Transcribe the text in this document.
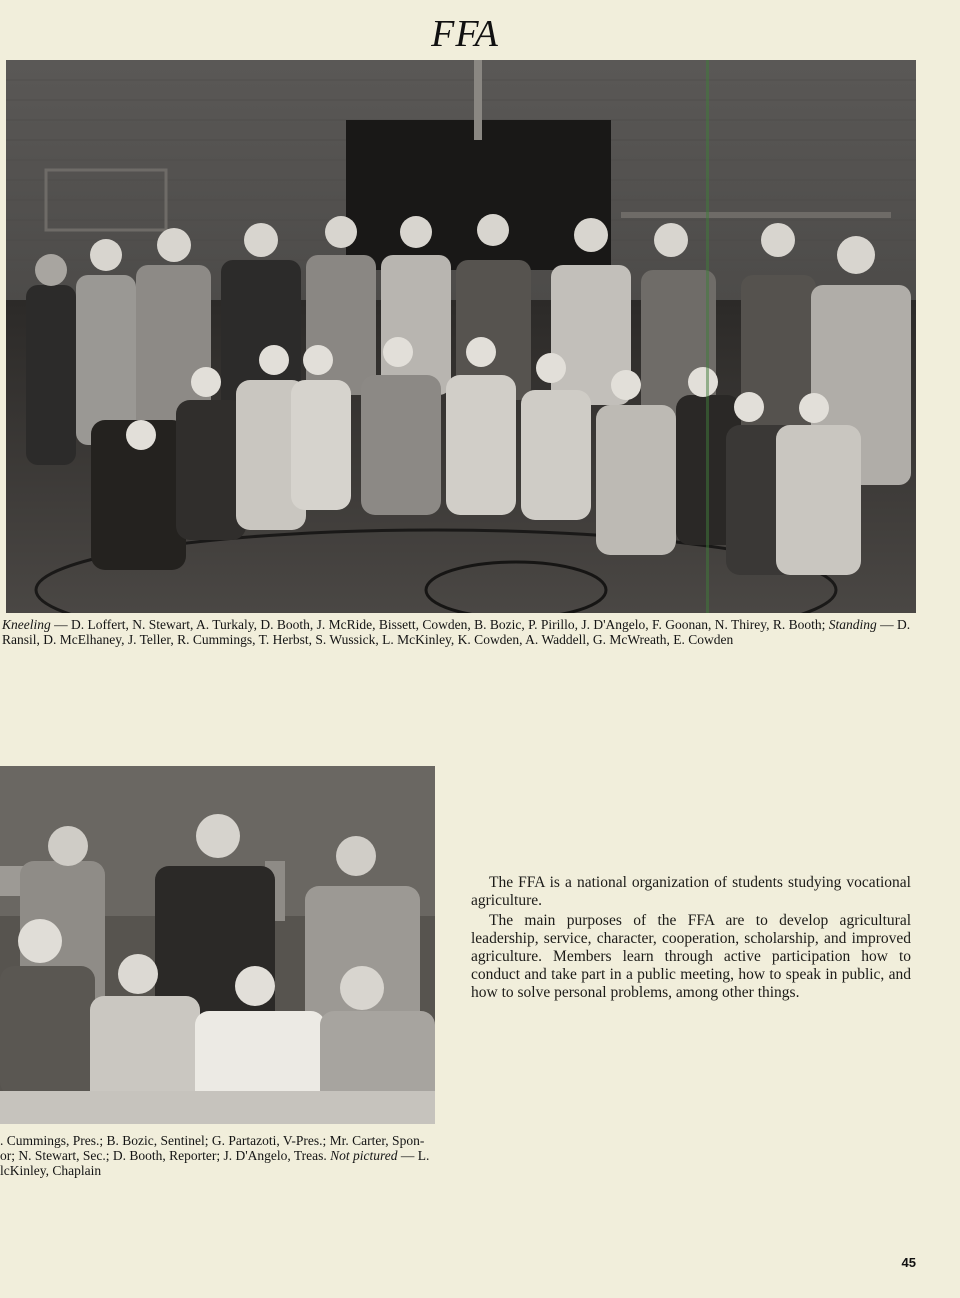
FFA
Kneeling — D. Loffert, N. Stewart, A. Turkaly, D. Booth, J. McRide, Bissett, Cowden, B. Bozic, P. Pirillo, J. D'Angelo, F. Goonan, N. Thirey, R. Booth; Standing — D. Ransil, D. McElhaney, J. Teller, R. Cummings, T. Herbst, S. Wussick, L. McKinley, K. Cowden, A. Waddell, G. McWreath, E. Cowden
. Cummings, Pres.; B. Bozic, Sentinel; G. Partazoti, V-Pres.; Mr. Carter, Spon- or; N. Stewart, Sec.; D. Booth, Reporter; J. D'Angelo, Treas. Not pictured — L. lcKinley, Chaplain

The FFA is a national organization of students studying vocational agriculture.

The main purposes of the FFA are to develop agricultural leadership, service, character, cooperation, scholarship, and improved agriculture. Members learn through active participation how to conduct and take part in a public meeting, how to speak in public, and how to solve personal problems, among other things.

45
